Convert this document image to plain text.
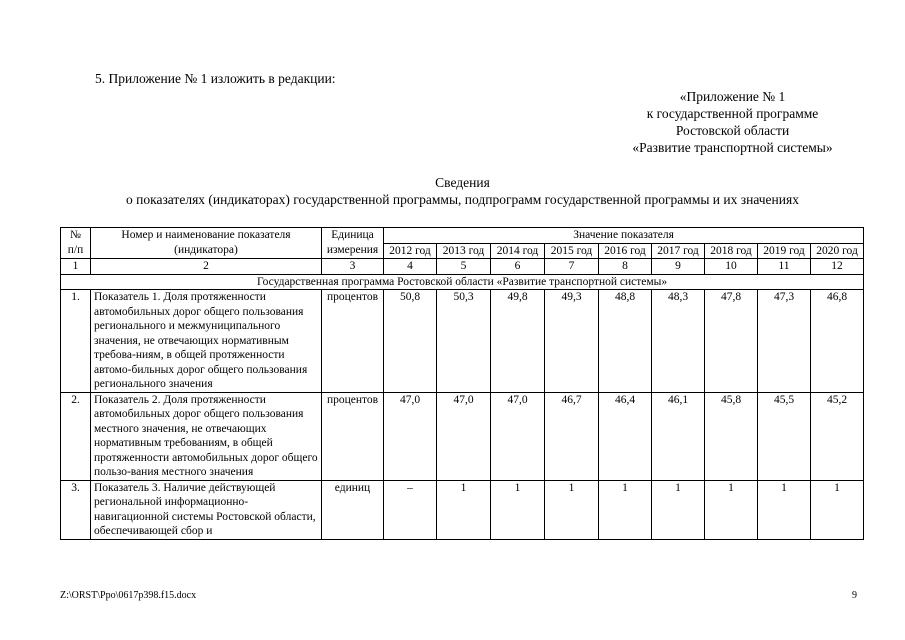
5. Приложение № 1 изложить в редакции:
«Приложение № 1
к государственной программе
Ростовской области
«Развитие транспортной системы»
Сведения
о показателях (индикаторах) государственной программы, подпрограмм государственной программы и их значениях
№ п/п	Номер и наименование показателя (индикатора)	Единица измерения	Значение показателя								
			2012 год	2013 год	2014 год	2015 год	2016 год	2017 год	2018 год	2019 год	2020 год
1	2	3	4	5	6	7	8	9	10	11	12
Государственная программа Ростовской области «Развитие транспортной системы»											
1.	Показатель 1. Доля протяженности автомобильных дорог общего пользования регионального и межмуниципального значения, не отвечающих нормативным требова-ниям, в общей протяженности автомо-бильных дорог общего пользования регионального значения	процентов	50,8	50,3	49,8	49,3	48,8	48,3	47,8	47,3	46,8
2.	Показатель 2. Доля протяженности автомобильных дорог общего пользования местного значения, не отвечающих нормативным требованиям, в общей протяженности автомобильных дорог общего пользо-вания местного значения	процентов	47,0	47,0	47,0	46,7	46,4	46,1	45,8	45,5	45,2
3.	Показатель 3. Наличие действующей региональной информационно-навигационной системы Ростовской области, обеспечивающей сбор и	единиц	–	1	1	1	1	1	1	1	1
Z:\ORST\Ppo\0617p398.f15.docx	9
